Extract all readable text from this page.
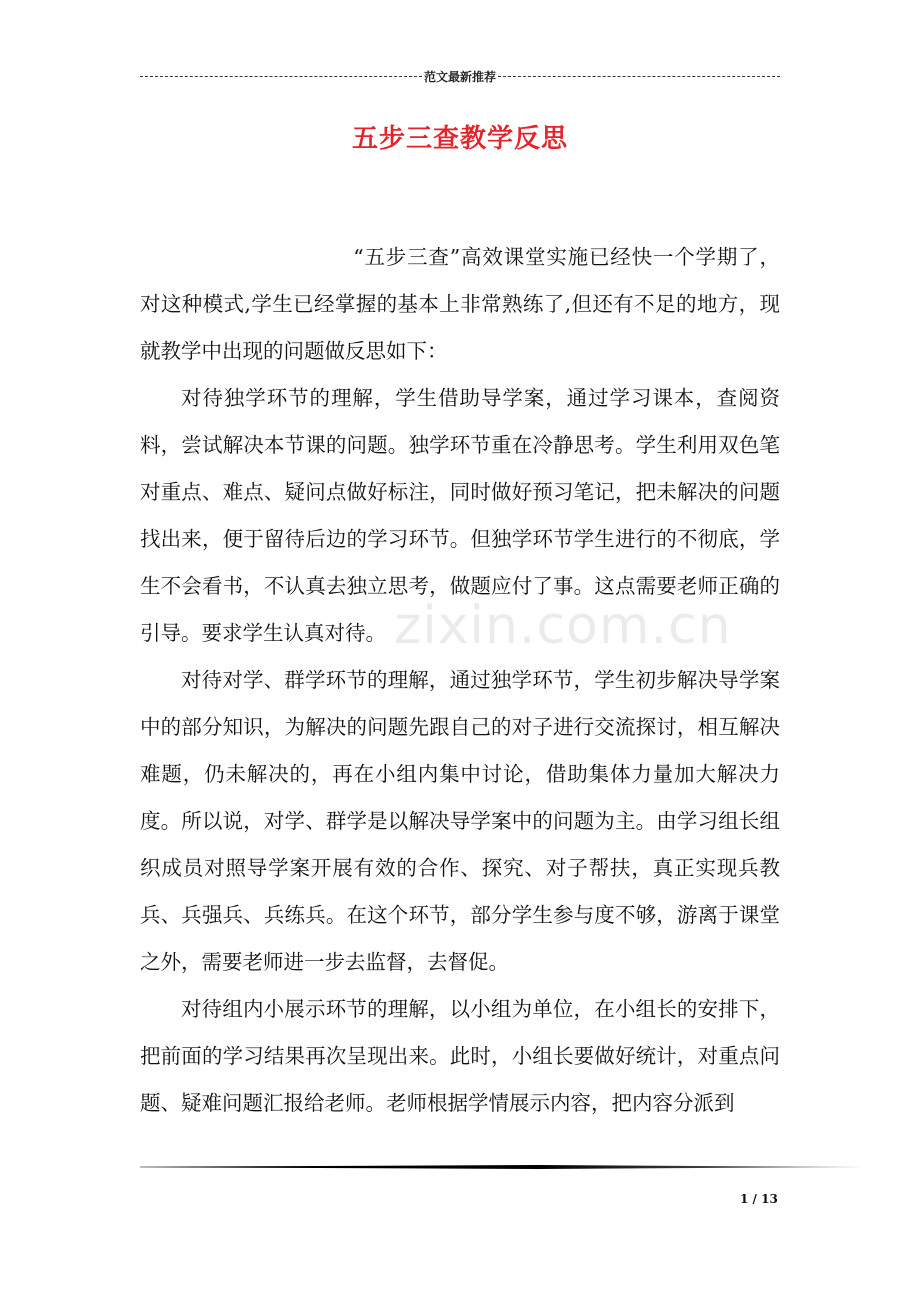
范文最新推荐
五步三查教学反思
zixin.com.cn

“五步三查”高效课堂实施已经快一个学期了，对这种模式,学生已经掌握的基本上非常熟练了,但还有不足的地方，现就教学中出现的问题做反思如下：

对待独学环节的理解，学生借助导学案，通过学习课本，查阅资料，尝试解决本节课的问题。独学环节重在冷静思考。学生利用双色笔对重点、难点、疑问点做好标注，同时做好预习笔记，把未解决的问题找出来，便于留待后边的学习环节。但独学环节学生进行的不彻底，学生不会看书，不认真去独立思考，做题应付了事。这点需要老师正确的引导。要求学生认真对待。

对待对学、群学环节的理解，通过独学环节，学生初步解决导学案中的部分知识，为解决的问题先跟自己的对子进行交流探讨，相互解决难题，仍未解决的，再在小组内集中讨论，借助集体力量加大解决力度。所以说，对学、群学是以解决导学案中的问题为主。由学习组长组织成员对照导学案开展有效的合作、探究、对子帮扶，真正实现兵教兵、兵强兵、兵练兵。在这个环节，部分学生参与度不够，游离于课堂之外，需要老师进一步去监督，去督促。

对待组内小展示环节的理解，以小组为单位，在小组长的安排下，把前面的学习结果再次呈现出来。此时，小组长要做好统计，对重点问题、疑难问题汇报给老师。老师根据学情展示内容，把内容分派到

1 / 13
